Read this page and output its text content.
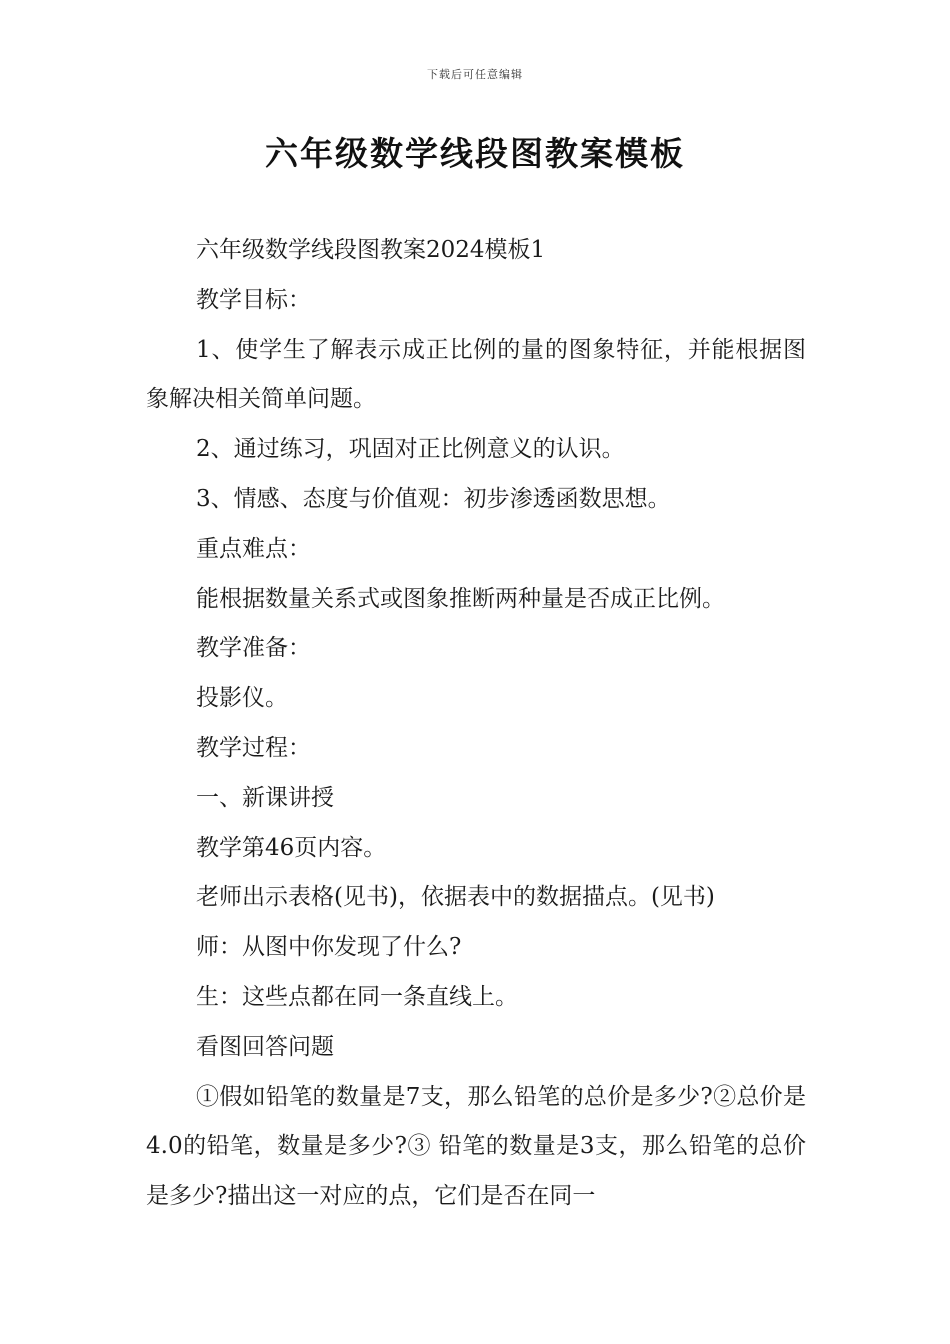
下载后可任意编辑
六年级数学线段图教案模板

六年级数学线段图教案2024模板1

教学目标：

1、使学生了解表示成正比例的量的图象特征，并能根据图象解决相关简单问题。

2、通过练习，巩固对正比例意义的认识。

3、情感、态度与价值观：初步渗透函数思想。

重点难点：

能根据数量关系式或图象推断两种量是否成正比例。

教学准备：

投影仪。

教学过程：

一、新课讲授

教学第46页内容。

老师出示表格(见书)，依据表中的数据描点。(见书)

师：从图中你发现了什么?

生：这些点都在同一条直线上。

看图回答问题

①假如铅笔的数量是7支，那么铅笔的总价是多少?②总价是4.0的铅笔，数量是多少?③ 铅笔的数量是3支，那么铅笔的总价是多少?描出这一对应的点，它们是否在同一
